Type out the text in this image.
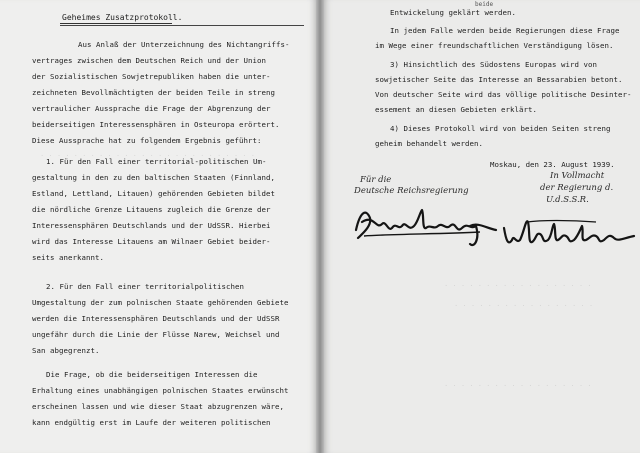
. . . . . . . . . . . . . . . . . . . . . . . . . .
Geheimes Zusatzprotokoll.
Aus Anlaß der Unterzeichnung des Nichtangriffs-
vertrages zwischen dem Deutschen Reich und der Union
der Sozialistischen Sowjetrepubliken haben die unter-
zeichneten Bevollmächtigten der beiden Teile in streng
vertraulicher Aussprache die Frage der Abgrenzung der
beiderseitigen Interessensphären in Osteuropa erörtert.
Diese Aussprache hat zu folgendem Ergebnis geführt:
1. Für den Fall einer territorial-politischen Um-
gestaltung in den zu den baltischen Staaten (Finnland,
Estland, Lettland, Litauen) gehörenden Gebieten bildet
die nördliche Grenze Litauens zugleich die Grenze der
Interessensphären Deutschlands und der UdSSR. Hierbei
wird das Interesse Litauens am Wilnaer Gebiet beider-
seits anerkannt.
2. Für den Fall einer territorialpolitischen
Umgestaltung der zum polnischen Staate gehörenden Gebiete
werden die Interessensphären Deutschlands und der UdSSR
ungefähr durch die Linie der Flüsse Narew, Weichsel und
San abgegrenzt.
Die Frage, ob die beiderseitigen Interessen die
Erhaltung eines unabhängigen polnischen Staates erwünscht
erscheinen lassen und wie dieser Staat abzugrenzen wäre,
kann endgültig erst im Laufe der weiteren politischen
. . . . . . . . . . . . . . . . . .
. . . . . . . . . . . . . . . . .
. . . . . . . . . . . . . . . . . .
beide
Entwickelung geklärt werden.
In jedem Falle werden beide Regierungen diese Frage
im Wege einer freundschaftlichen Verständigung lösen.
3) Hinsichtlich des Südostens Europas wird von
sowjetischer Seite das Interesse an Bessarabien betont.
Von deutscher Seite wird das völlige politische Desinter-
essement an diesen Gebieten erklärt.
4) Dieses Protokoll wird von beiden Seiten streng
geheim behandelt werden.
Moskau, den 23. August 1939.
Für die
Deutsche Reichsregierung
In Vollmacht
der Regierung d.
U.d.S.S.R.
